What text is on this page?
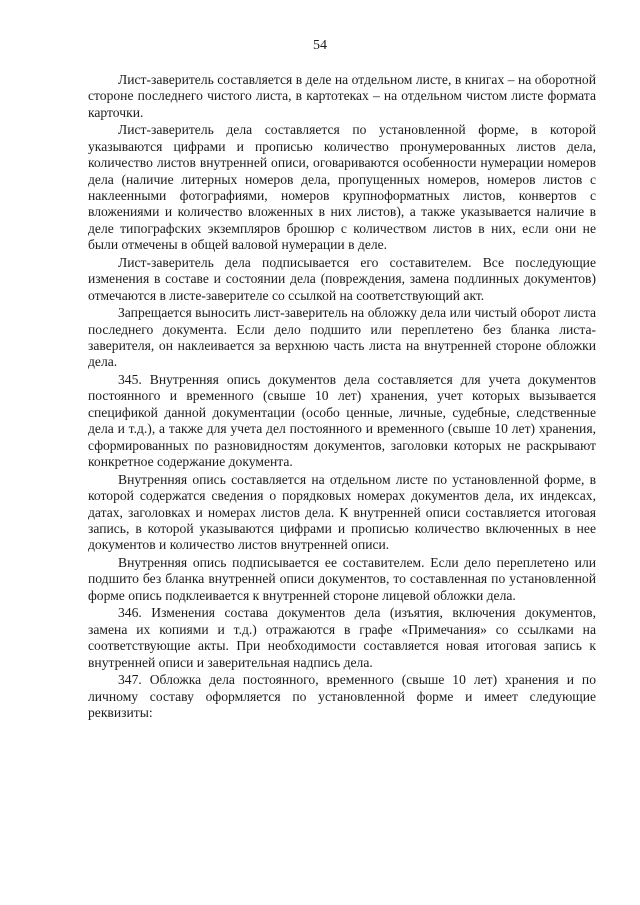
54

Лист-заверитель составляется в деле на отдельном листе, в книгах – на оборотной стороне последнего чистого листа, в картотеках – на отдельном чистом листе формата карточки.

Лист-заверитель дела составляется по установленной форме, в которой указываются цифрами и прописью количество пронумерованных листов дела, количество листов внутренней описи, оговариваются особенности нумерации номеров дела (наличие литерных номеров дела, пропущенных номеров, номеров листов с наклеенными фотографиями, номеров крупноформатных листов, конвертов с вложениями и количество вложенных в них листов), а также указывается наличие в деле типографских экземпляров брошюр с количеством листов в них, если они не были отмечены в общей валовой нумерации в деле.

Лист-заверитель дела подписывается его составителем. Все последующие изменения в составе и состоянии дела (повреждения, замена подлинных документов) отмечаются в листе-заверителе со ссылкой на соответствующий акт.

Запрещается выносить лист-заверитель на обложку дела или чистый оборот листа последнего документа. Если дело подшито или переплетено без бланка листа-заверителя, он наклеивается за верхнюю часть листа на внутренней стороне обложки дела.

345. Внутренняя опись документов дела составляется для учета документов постоянного и временного (свыше 10 лет) хранения, учет которых вызывается спецификой данной документации (особо ценные, личные, судебные, следственные дела и т.д.), а также для учета дел постоянного и временного (свыше 10 лет) хранения, сформированных по разновидностям документов, заголовки которых не раскрывают конкретное содержание документа.

Внутренняя опись составляется на отдельном листе по установленной форме, в которой содержатся сведения о порядковых номерах документов дела, их индексах, датах, заголовках и номерах листов дела. К внутренней описи составляется итоговая запись, в которой указываются цифрами и прописью количество включенных в нее документов и количество листов внутренней описи.

Внутренняя опись подписывается ее составителем. Если дело переплетено или подшито без бланка внутренней описи документов, то составленная по установленной форме опись подклеивается к внутренней стороне лицевой обложки дела.

346. Изменения состава документов дела (изъятия, включения документов, замена их копиями и т.д.) отражаются в графе «Примечания» со ссылками на соответствующие акты. При необходимости составляется новая итоговая запись к внутренней описи и заверительная надпись дела.

347. Обложка дела постоянного, временного (свыше 10 лет) хранения и по личному составу оформляется по установленной форме и имеет следующие реквизиты:
